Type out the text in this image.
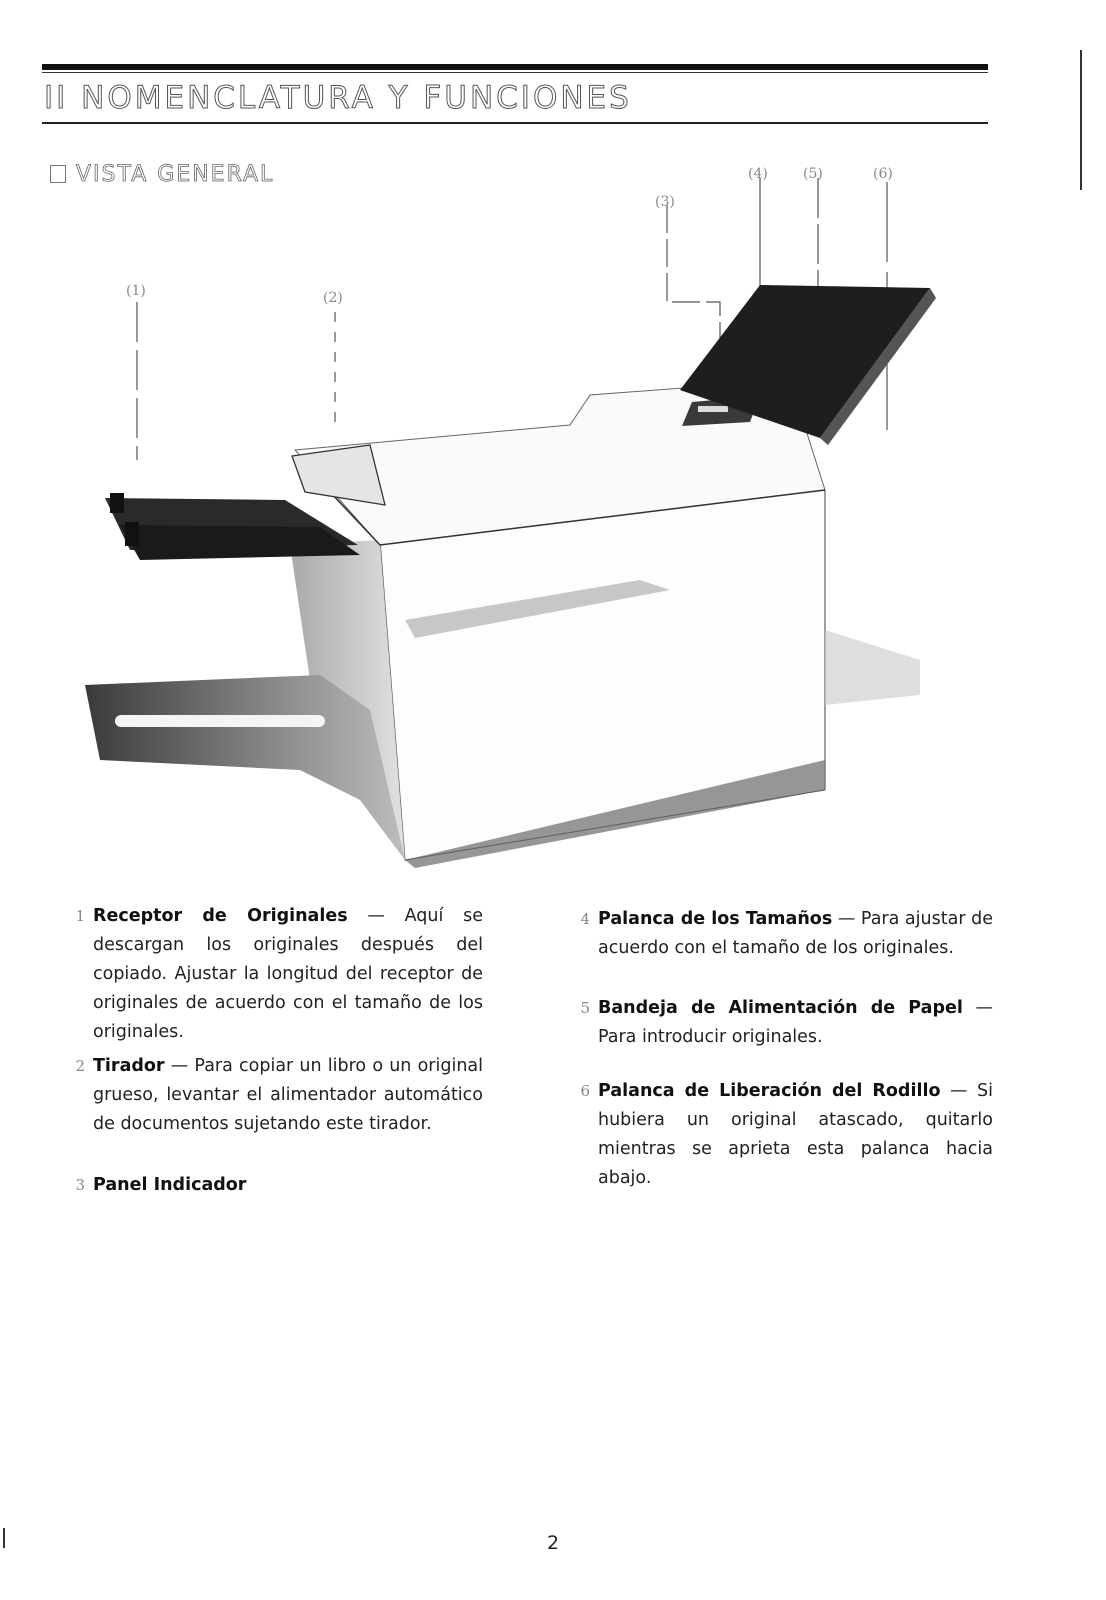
II NOMENCLATURA Y FUNCIONES
VISTA GENERAL
(1)	(2)
(3)
(4)	(5)	(6)
1 Receptor de Originales — Aquí se descargan los originales después del copiado. Ajustar la longitud del receptor de originales de acuerdo con el tamaño de los originales.
2 Tirador — Para copiar un libro o un original grueso, levantar el alimentador automático de documentos sujetando este tirador.
3 Panel Indicador
4 Palanca de los Tamaños — Para ajustar de acuerdo con el tamaño de los originales.
5 Bandeja de Alimentación de Papel — Para introducir originales.
6 Palanca de Liberación del Rodillo — Si hubiera un original atascado, quitarlo mientras se aprieta esta palanca hacia abajo.
2
